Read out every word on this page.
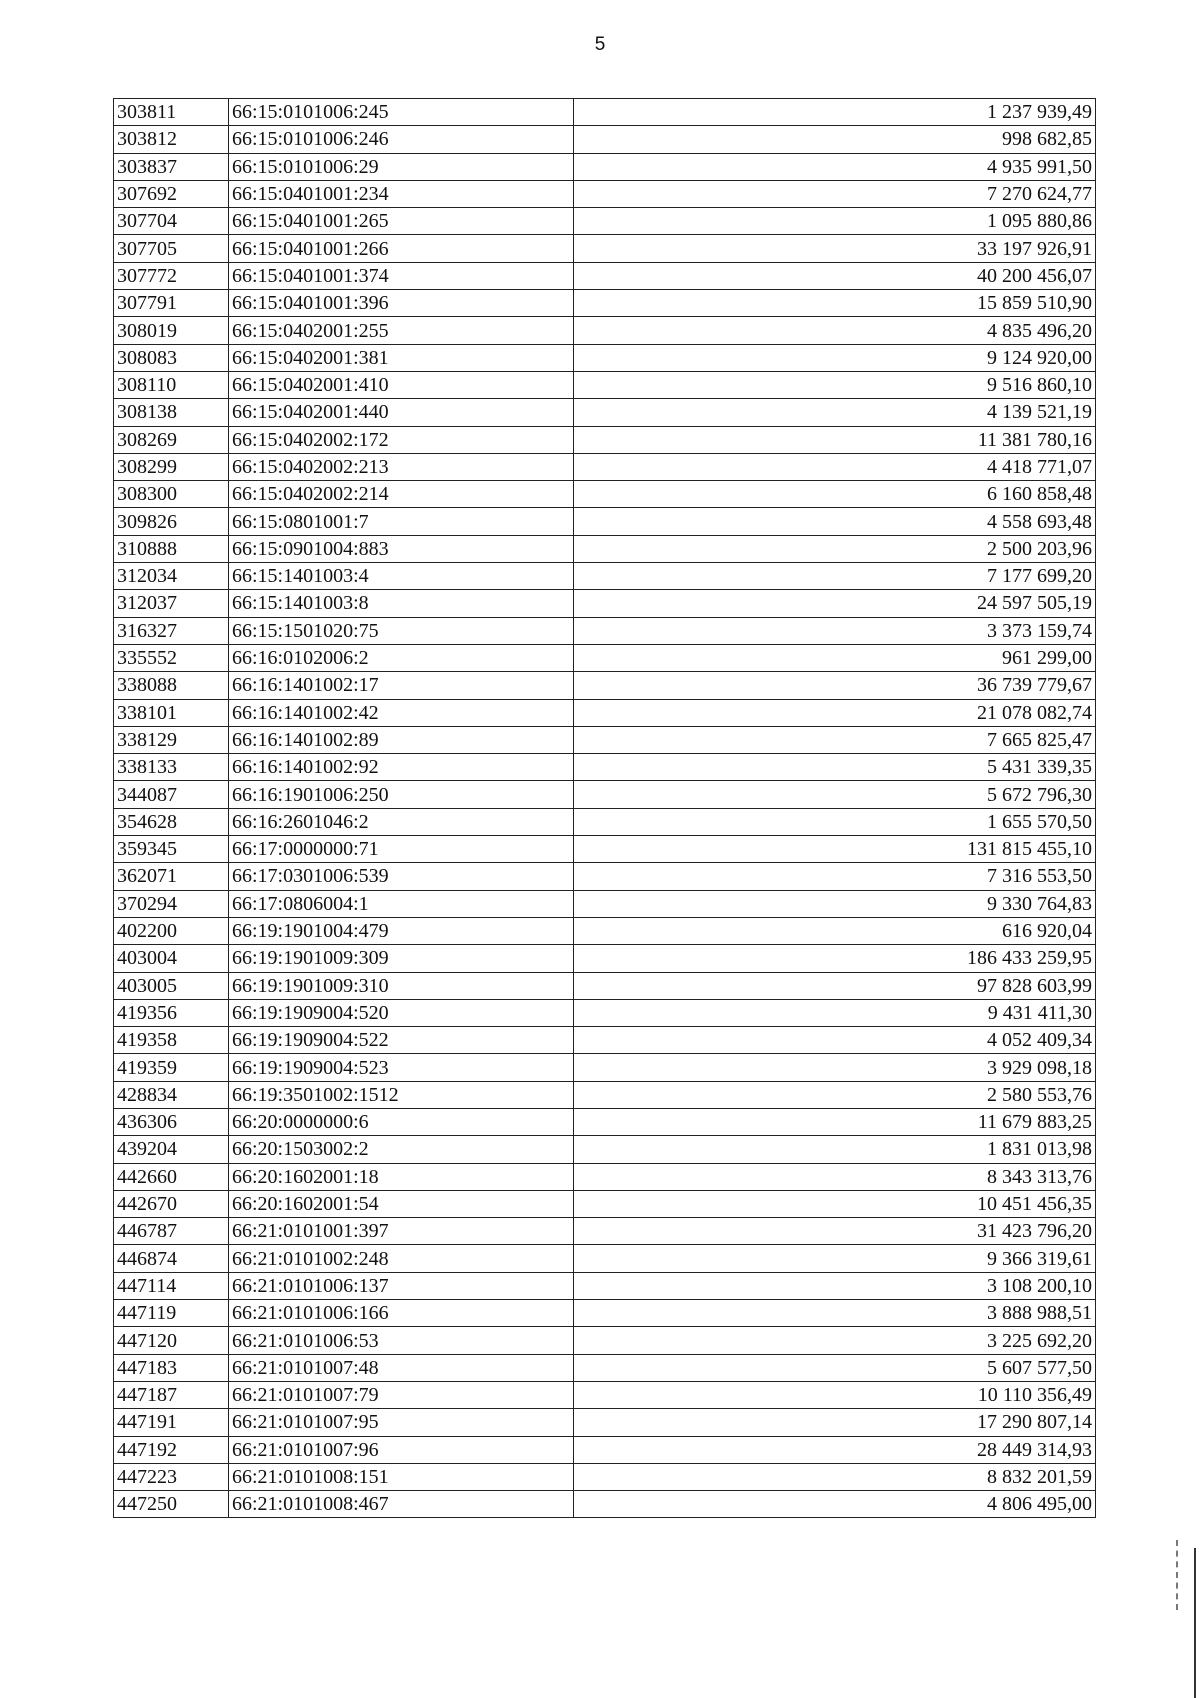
5
303811	66:15:0101006:245	1 237 939,49
303812	66:15:0101006:246	998 682,85
303837	66:15:0101006:29	4 935 991,50
307692	66:15:0401001:234	7 270 624,77
307704	66:15:0401001:265	1 095 880,86
307705	66:15:0401001:266	33 197 926,91
307772	66:15:0401001:374	40 200 456,07
307791	66:15:0401001:396	15 859 510,90
308019	66:15:0402001:255	4 835 496,20
308083	66:15:0402001:381	9 124 920,00
308110	66:15:0402001:410	9 516 860,10
308138	66:15:0402001:440	4 139 521,19
308269	66:15:0402002:172	11 381 780,16
308299	66:15:0402002:213	4 418 771,07
308300	66:15:0402002:214	6 160 858,48
309826	66:15:0801001:7	4 558 693,48
310888	66:15:0901004:883	2 500 203,96
312034	66:15:1401003:4	7 177 699,20
312037	66:15:1401003:8	24 597 505,19
316327	66:15:1501020:75	3 373 159,74
335552	66:16:0102006:2	961 299,00
338088	66:16:1401002:17	36 739 779,67
338101	66:16:1401002:42	21 078 082,74
338129	66:16:1401002:89	7 665 825,47
338133	66:16:1401002:92	5 431 339,35
344087	66:16:1901006:250	5 672 796,30
354628	66:16:2601046:2	1 655 570,50
359345	66:17:0000000:71	131 815 455,10
362071	66:17:0301006:539	7 316 553,50
370294	66:17:0806004:1	9 330 764,83
402200	66:19:1901004:479	616 920,04
403004	66:19:1901009:309	186 433 259,95
403005	66:19:1901009:310	97 828 603,99
419356	66:19:1909004:520	9 431 411,30
419358	66:19:1909004:522	4 052 409,34
419359	66:19:1909004:523	3 929 098,18
428834	66:19:3501002:1512	2 580 553,76
436306	66:20:0000000:6	11 679 883,25
439204	66:20:1503002:2	1 831 013,98
442660	66:20:1602001:18	8 343 313,76
442670	66:20:1602001:54	10 451 456,35
446787	66:21:0101001:397	31 423 796,20
446874	66:21:0101002:248	9 366 319,61
447114	66:21:0101006:137	3 108 200,10
447119	66:21:0101006:166	3 888 988,51
447120	66:21:0101006:53	3 225 692,20
447183	66:21:0101007:48	5 607 577,50
447187	66:21:0101007:79	10 110 356,49
447191	66:21:0101007:95	17 290 807,14
447192	66:21:0101007:96	28 449 314,93
447223	66:21:0101008:151	8 832 201,59
447250	66:21:0101008:467	4 806 495,00
